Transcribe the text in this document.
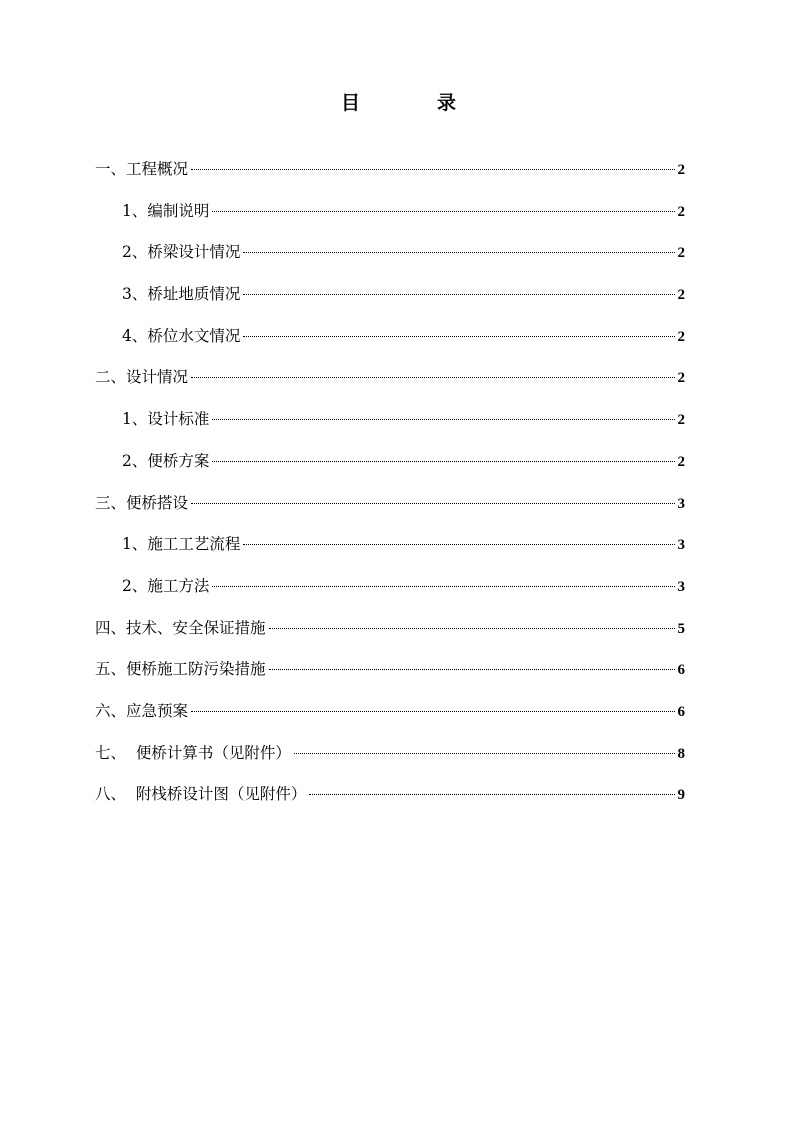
目	录
一、工程概况	2
1、编制说明	2
2、桥梁设计情况	2
3、桥址地质情况	2
4、桥位水文情况	2
二、设计情况	2
1、设计标准	2
2、便桥方案	2
三、便桥搭设	3
1、施工工艺流程	3
2、施工方法	3
四、技术、安全保证措施	5
五、便桥施工防污染措施	6
六、应急预案	6
七、  便桥计算书（见附件）	8
八、  附栈桥设计图（见附件）	9
